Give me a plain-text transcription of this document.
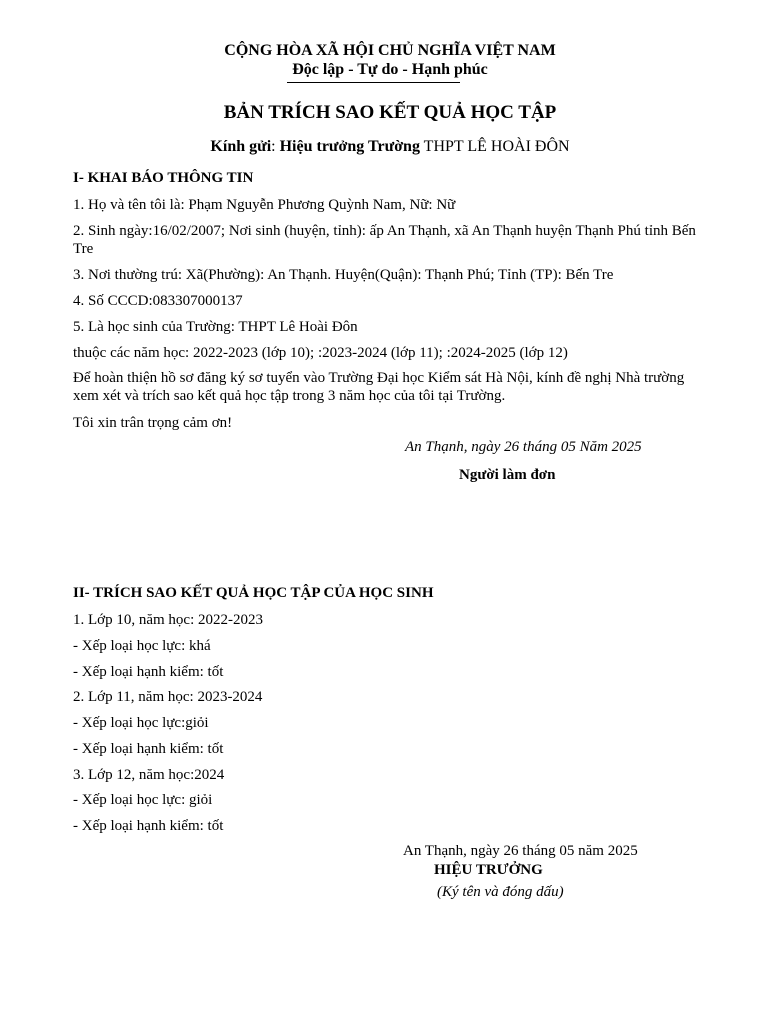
CỘNG HÒA XÃ HỘI CHỦ NGHĨA VIỆT NAM
Độc lập - Tự do - Hạnh phúc
BẢN TRÍCH SAO KẾT QUẢ HỌC TẬP
Kính gửi: Hiệu trưởng Trường THPT LÊ HOÀI ĐÔN
I- KHAI BÁO THÔNG TIN
1. Họ và tên tôi là: Phạm Nguyễn Phương Quỳnh Nam, Nữ: Nữ
2. Sinh ngày:16/02/2007; Nơi sinh (huyện, tỉnh): ấp An Thạnh, xã An Thạnh huyện Thạnh Phú tỉnh Bến Tre
3. Nơi thường trú: Xã(Phường): An Thạnh. Huyện(Quận): Thạnh Phú; Tỉnh (TP): Bến Tre
4. Số CCCD:083307000137
5. Là học sinh của Trường: THPT Lê Hoài Đôn
thuộc các năm học: 2022-2023 (lớp 10); :2023-2024 (lớp 11); :2024-2025 (lớp 12)
Để hoàn thiện hồ sơ đăng ký sơ tuyển vào Trường Đại học Kiểm sát Hà Nội, kính đề nghị Nhà trường xem xét và trích sao kết quả học tập trong 3 năm học của tôi tại Trường.
Tôi xin trân trọng cảm ơn!
An Thạnh, ngày 26 tháng 05 Năm 2025
Người làm đơn
II- TRÍCH SAO KẾT QUẢ HỌC TẬP CỦA HỌC SINH
1. Lớp 10, năm học: 2022-2023
- Xếp loại học lực: khá
- Xếp loại hạnh kiểm: tốt
2. Lớp 11, năm học: 2023-2024
- Xếp loại học lực:giỏi
- Xếp loại hạnh kiểm: tốt
3. Lớp 12, năm học:2024
- Xếp loại học lực: giỏi
- Xếp loại hạnh kiểm: tốt
An Thạnh, ngày 26 tháng 05 năm 2025
HIỆU TRƯỞNG
(Ký tên và đóng dấu)
